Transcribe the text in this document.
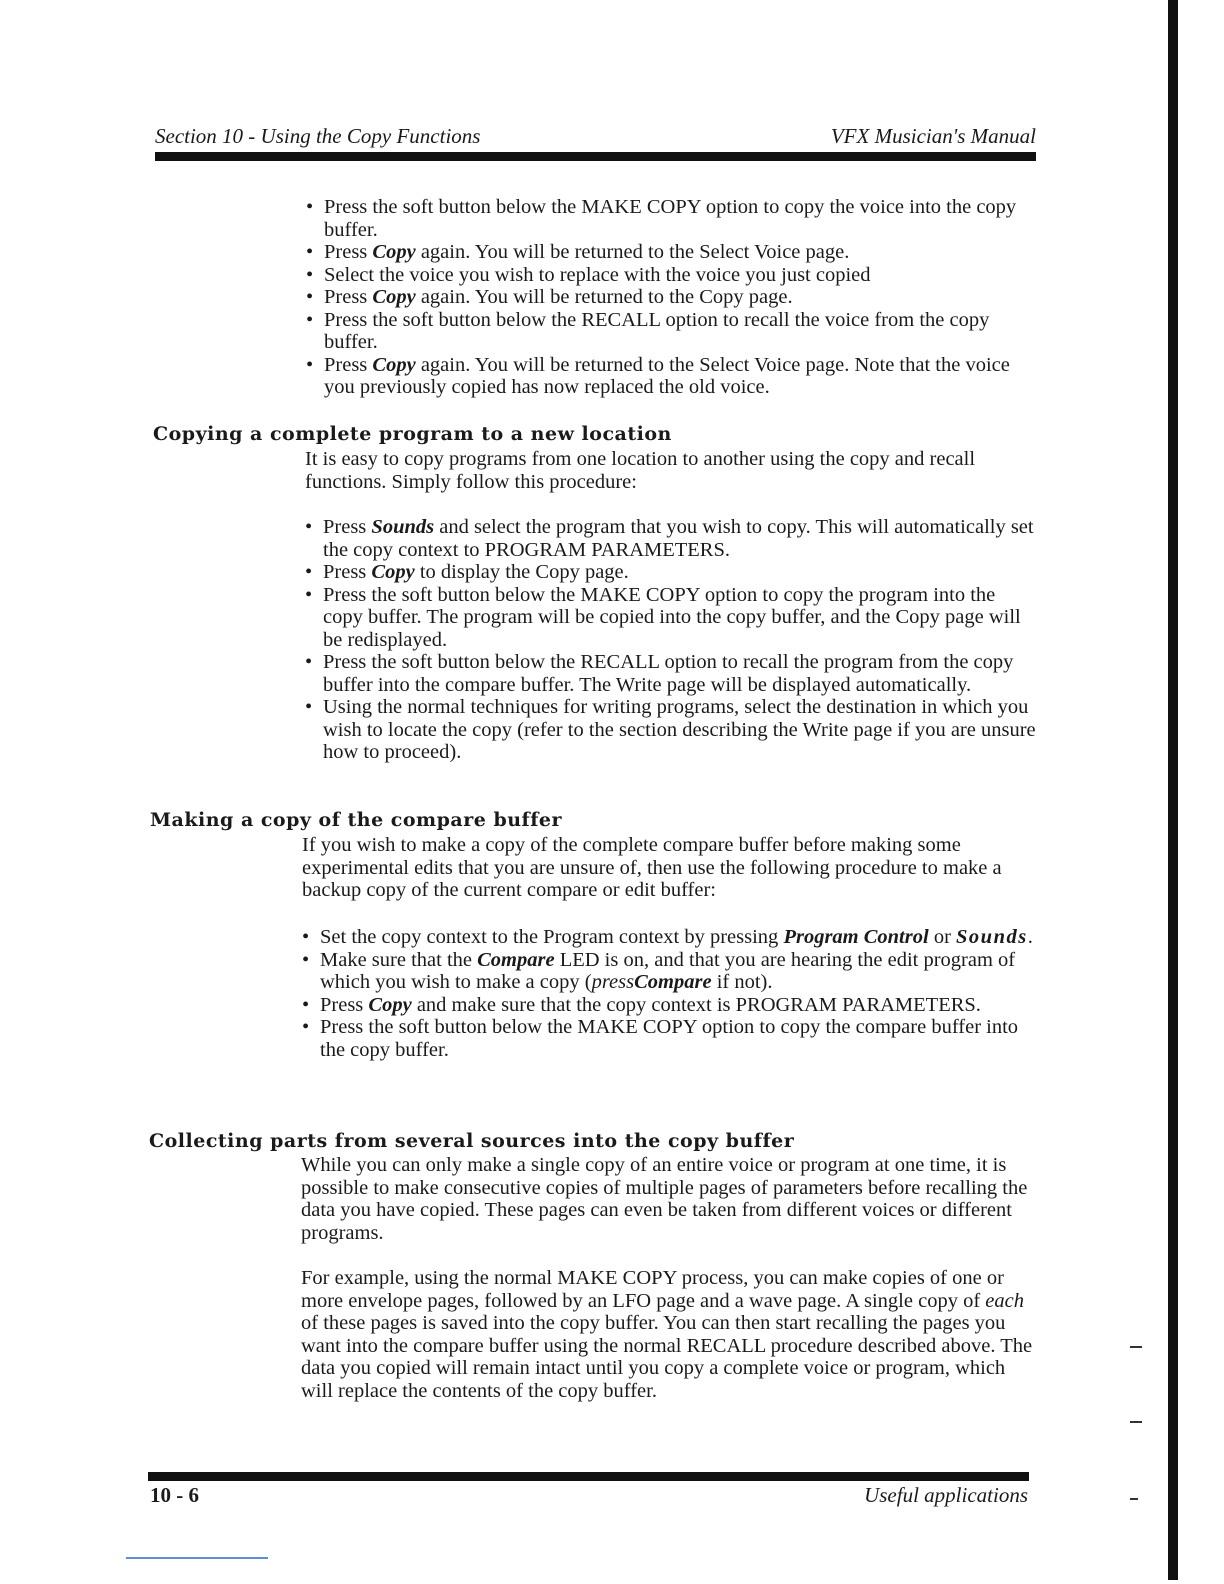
Section 10 - Using the Copy Functions	VFX Musician's Manual
• Press the soft button below the MAKE COPY option to copy the voice into the copy buffer.
• Press Copy again. You will be returned to the Select Voice page.
• Select the voice you wish to replace with the voice you just copied
• Press Copy again. You will be returned to the Copy page.
• Press the soft button below the RECALL option to recall the voice from the copy buffer.
• Press Copy again. You will be returned to the Select Voice page. Note that the voice you previously copied has now replaced the old voice.
Copying a complete program to a new location

It is easy to copy programs from one location to another using the copy and recall functions. Simply follow this procedure:

• Press Sounds and select the program that you wish to copy. This will automatically set the copy context to PROGRAM PARAMETERS.
• Press Copy to display the Copy page.
• Press the soft button below the MAKE COPY option to copy the program into the copy buffer. The program will be copied into the copy buffer, and the Copy page will be redisplayed.
• Press the soft button below the RECALL option to recall the program from the copy buffer into the compare buffer. The Write page will be displayed automatically.
• Using the normal techniques for writing programs, select the destination in which you wish to locate the copy (refer to the section describing the Write page if you are unsure how to proceed).
Making a copy of the compare buffer

If you wish to make a copy of the complete compare buffer before making some experimental edits that you are unsure of, then use the following procedure to make a backup copy of the current compare or edit buffer:

• Set the copy context to the Program context by pressing Program Control or Sounds.
• Make sure that the Compare LED is on, and that you are hearing the edit program of which you wish to make a copy (pressCompare if not).
• Press Copy and make sure that the copy context is PROGRAM PARAMETERS.
• Press the soft button below the MAKE COPY option to copy the compare buffer into the copy buffer.
Collecting parts from several sources into the copy buffer

While you can only make a single copy of an entire voice or program at one time, it is possible to make consecutive copies of multiple pages of parameters before recalling the data you have copied. These pages can even be taken from different voices or different programs.

For example, using the normal MAKE COPY process, you can make copies of one or more envelope pages, followed by an LFO page and a wave page. A single copy of each of these pages is saved into the copy buffer. You can then start recalling the pages you want into the compare buffer using the normal RECALL procedure described above. The data you copied will remain intact until you copy a complete voice or program, which will replace the contents of the copy buffer.

10 - 6	Useful applications
